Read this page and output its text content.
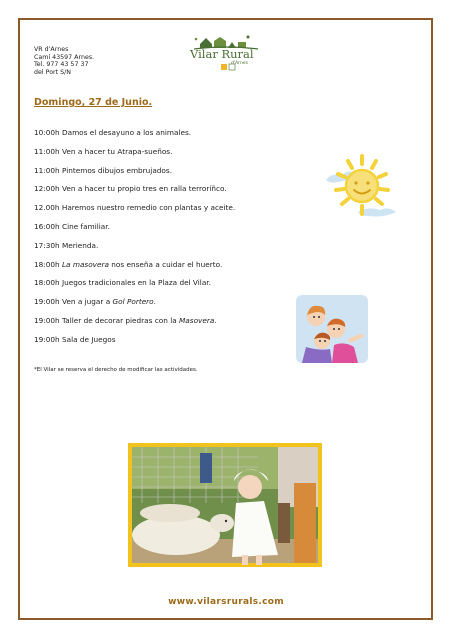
VR d'Arnes
Camí 43597 Arnes.
Tel. 977 43 57 37
del Port S/N
Vilar Rural
d'Arnes
Domingo, 27 de Junio.
10:00h Damos el desayuno a los animales.
11:00h Ven a hacer tu Atrapa-sueños.
11:00h Pintemos dibujos embrujados.
12:00h Ven a hacer tu propio tres en ralla terroríñco.
12.00h Haremos nuestro remedio con plantas y aceite.
16:00h Cine familiar.
17:30h Merienda.
18:00h La masovera nos enseña a cuidar el huerto.
18:00h Juegos tradicionales en la Plaza del Vilar.
19:00h Ven a jugar a Gol Portero.
19:00h Taller de decorar piedras con la Masovera.
19:00h Sala de Juegos
*El Vilar se reserva el derecho de modificar las actividades.
www.vilarsrurals.com
